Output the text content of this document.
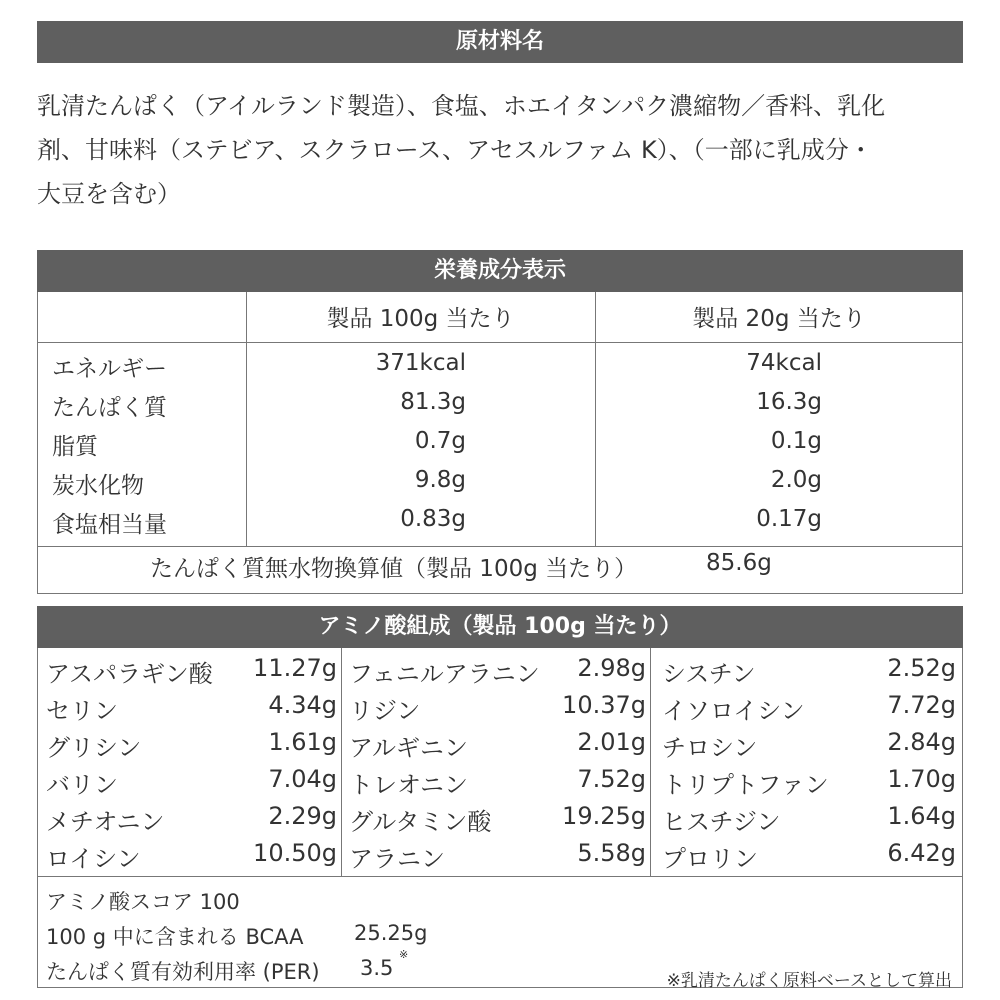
原材料名
乳清たんぱく（アイルランド製造）、食塩、ホエイタンパク濃縮物／香料、乳化
剤、甘味料（ステビア、スクラロース、アセスルファム K）、（一部に乳成分・
大豆を含む）
栄養成分表示
製品 100g 当たり	製品 20g 当たり
エネルギー
たんぱく質
脂質
炭水化物
食塩相当量
371kcal
81.3g
0.7g
9.8g
0.83g
74kcal
16.3g
0.1g
2.0g
0.17g
たんぱく質無水物換算値（製品 100g 当たり）	85.6g
アミノ酸組成（製品 100g 当たり）
アスパラギン酸
セリン
グリシン
バリン
メチオニン
ロイシン
11.27g
4.34g
1.61g
7.04g
2.29g
10.50g
フェニルアラニン
リジン
アルギニン
トレオニン
グルタミン酸
アラニン
2.98g
10.37g
2.01g
7.52g
19.25g
5.58g
シスチン
イソロイシン
チロシン
トリプトファン
ヒスチジン
プロリン
2.52g
7.72g
2.84g
1.70g
1.64g
6.42g
アミノ酸スコア 100
100 g 中に含まれる BCAA 25.25g
たんぱく質有効利用率 (PER) 3.5
※
※乳清たんぱく原料ベースとして算出
